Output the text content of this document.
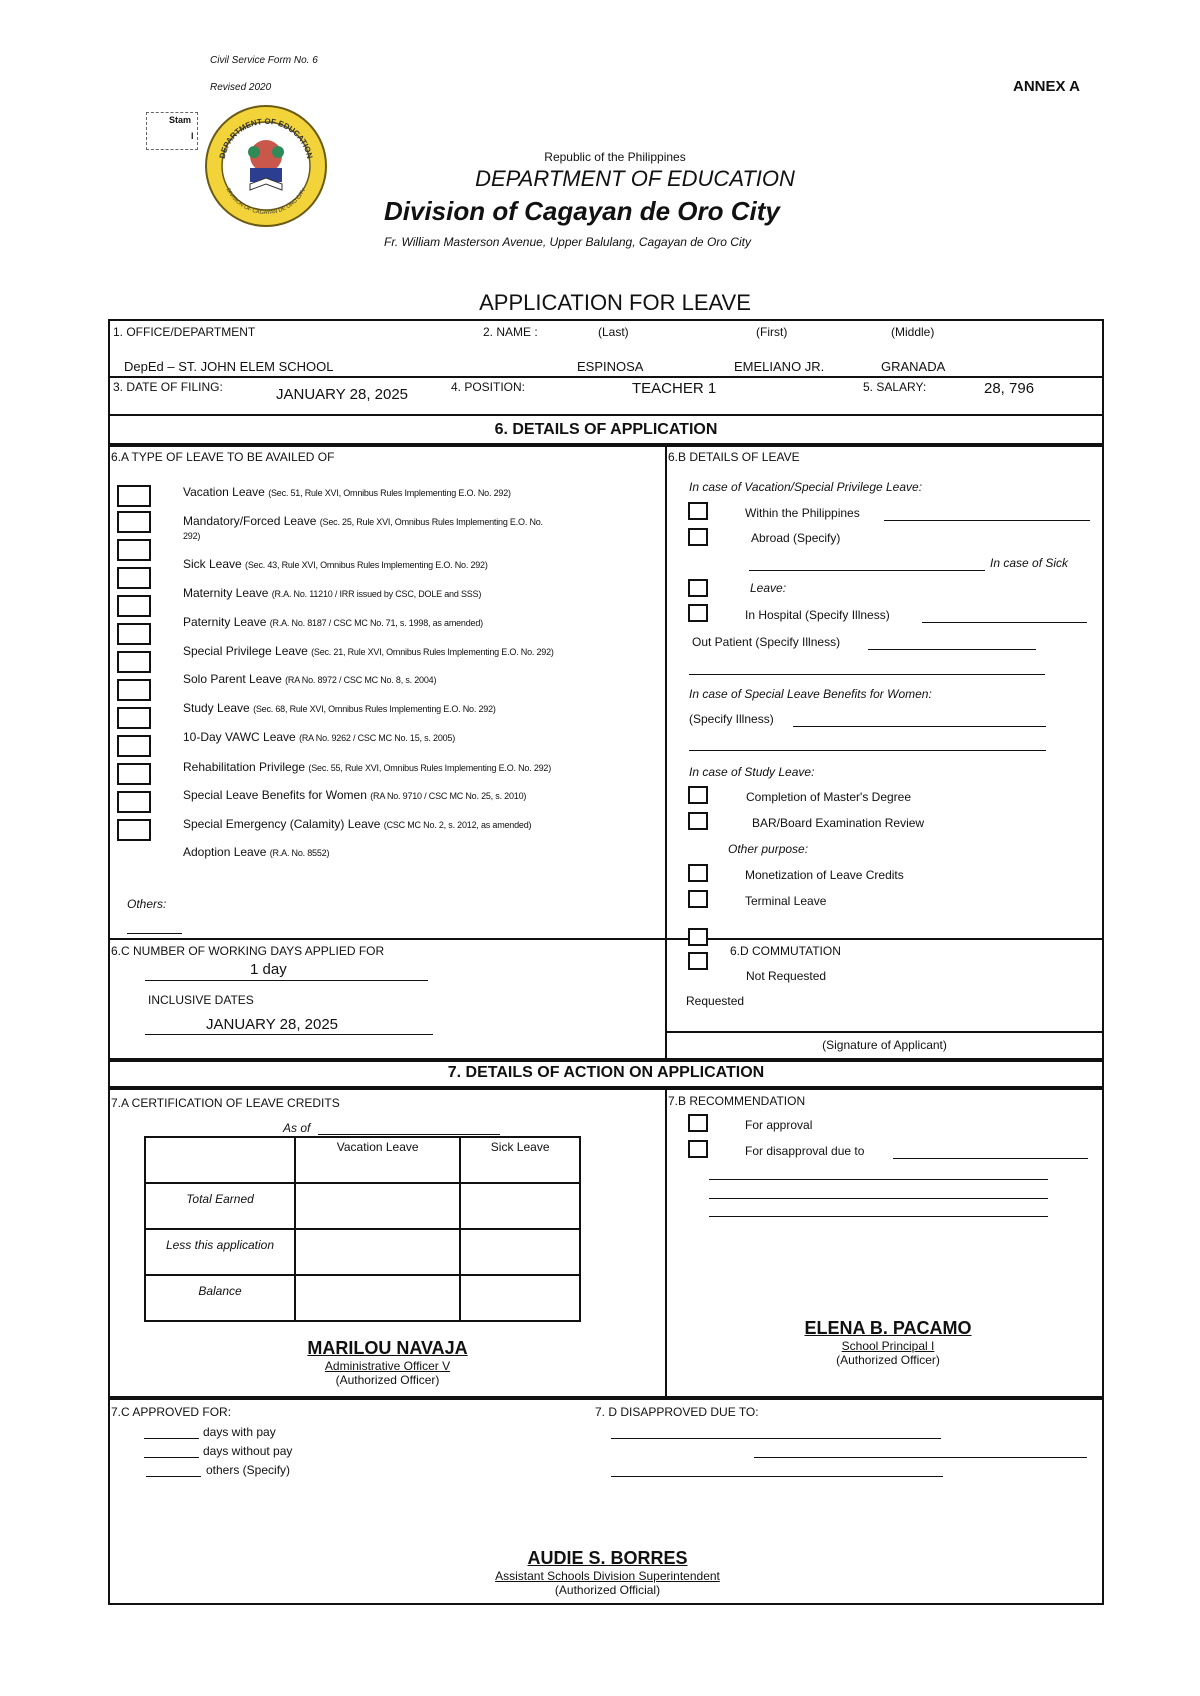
Civil Service Form No. 6
Revised 2020	ANNEX A
Stam
l
DEPARTMENT OF EDUCATION
DIVISION OF CAGAYAN DE ORO CITY
Republic of the Philippines
DEPARTMENT OF EDUCATION
Division of Cagayan de Oro City
Fr. William Masterson Avenue, Upper Balulang, Cagayan de Oro City
APPLICATION FOR LEAVE
1. OFFICE/DEPARTMENT	2. NAME :	(Last)	(First)	(Middle)
DepEd – ST. JOHN ELEM SCHOOL	ESPINOSA	EMELIANO JR.	GRANADA
3. DATE OF FILING:	JANUARY 28, 2025	4. POSITION:	TEACHER 1	5. SALARY:	28, 796
6. DETAILS OF APPLICATION
6.A TYPE OF LEAVE TO BE AVAILED OF
Vacation Leave (Sec. 51, Rule XVI, Omnibus Rules Implementing E.O. No. 292)
Mandatory/Forced Leave (Sec. 25, Rule XVI, Omnibus Rules Implementing E.O. No.
292)
Sick Leave (Sec. 43, Rule XVI, Omnibus Rules Implementing E.O. No. 292)
Maternity Leave (R.A. No. 11210 / IRR issued by CSC, DOLE and SSS)
Paternity Leave (R.A. No. 8187 / CSC MC No. 71, s. 1998, as amended)
Special Privilege Leave (Sec. 21, Rule XVI, Omnibus Rules Implementing E.O. No. 292)
Solo Parent Leave (RA No. 8972 / CSC MC No. 8, s. 2004)
Study Leave (Sec. 68, Rule XVI, Omnibus Rules Implementing E.O. No. 292)
10-Day VAWC Leave (RA No. 9262 / CSC MC No. 15, s. 2005)
Rehabilitation Privilege (Sec. 55, Rule XVI, Omnibus Rules Implementing E.O. No. 292)
Special Leave Benefits for Women (RA No. 9710 / CSC MC No. 25, s. 2010)
Special Emergency (Calamity) Leave (CSC MC No. 2, s. 2012, as amended)
Adoption Leave (R.A. No. 8552)
Others:
6.B DETAILS OF LEAVE
In case of Vacation/Special Privilege Leave:
Within the Philippines
Abroad (Specify)
In case of Sick
Leave:
In Hospital (Specify Illness)
Out Patient (Specify Illness)
In case of Special Leave Benefits for Women:
(Specify Illness)
In case of Study Leave:
Completion of Master's Degree
BAR/Board Examination Review
Other purpose:
Monetization of Leave Credits
Terminal Leave
6.C NUMBER OF WORKING DAYS APPLIED FOR
1 day
INCLUSIVE DATES
JANUARY 28, 2025
6.D COMMUTATION
Not Requested
Requested
(Signature of Applicant)
7. DETAILS OF ACTION ON APPLICATION
7.A CERTIFICATION OF LEAVE CREDITS
As of
	Vacation Leave	Sick Leave
Total Earned		
Less this application		
Balance		
MARILOU NAVAJA
Administrative Officer V
(Authorized Officer)
7.B RECOMMENDATION
For approval
For disapproval due to
ELENA B. PACAMO
School Principal I
(Authorized Officer)
7.C APPROVED FOR:
days with pay
days without pay
others (Specify)
7. D DISAPPROVED DUE TO:
AUDIE S. BORRES
Assistant Schools Division Superintendent
(Authorized Official)
